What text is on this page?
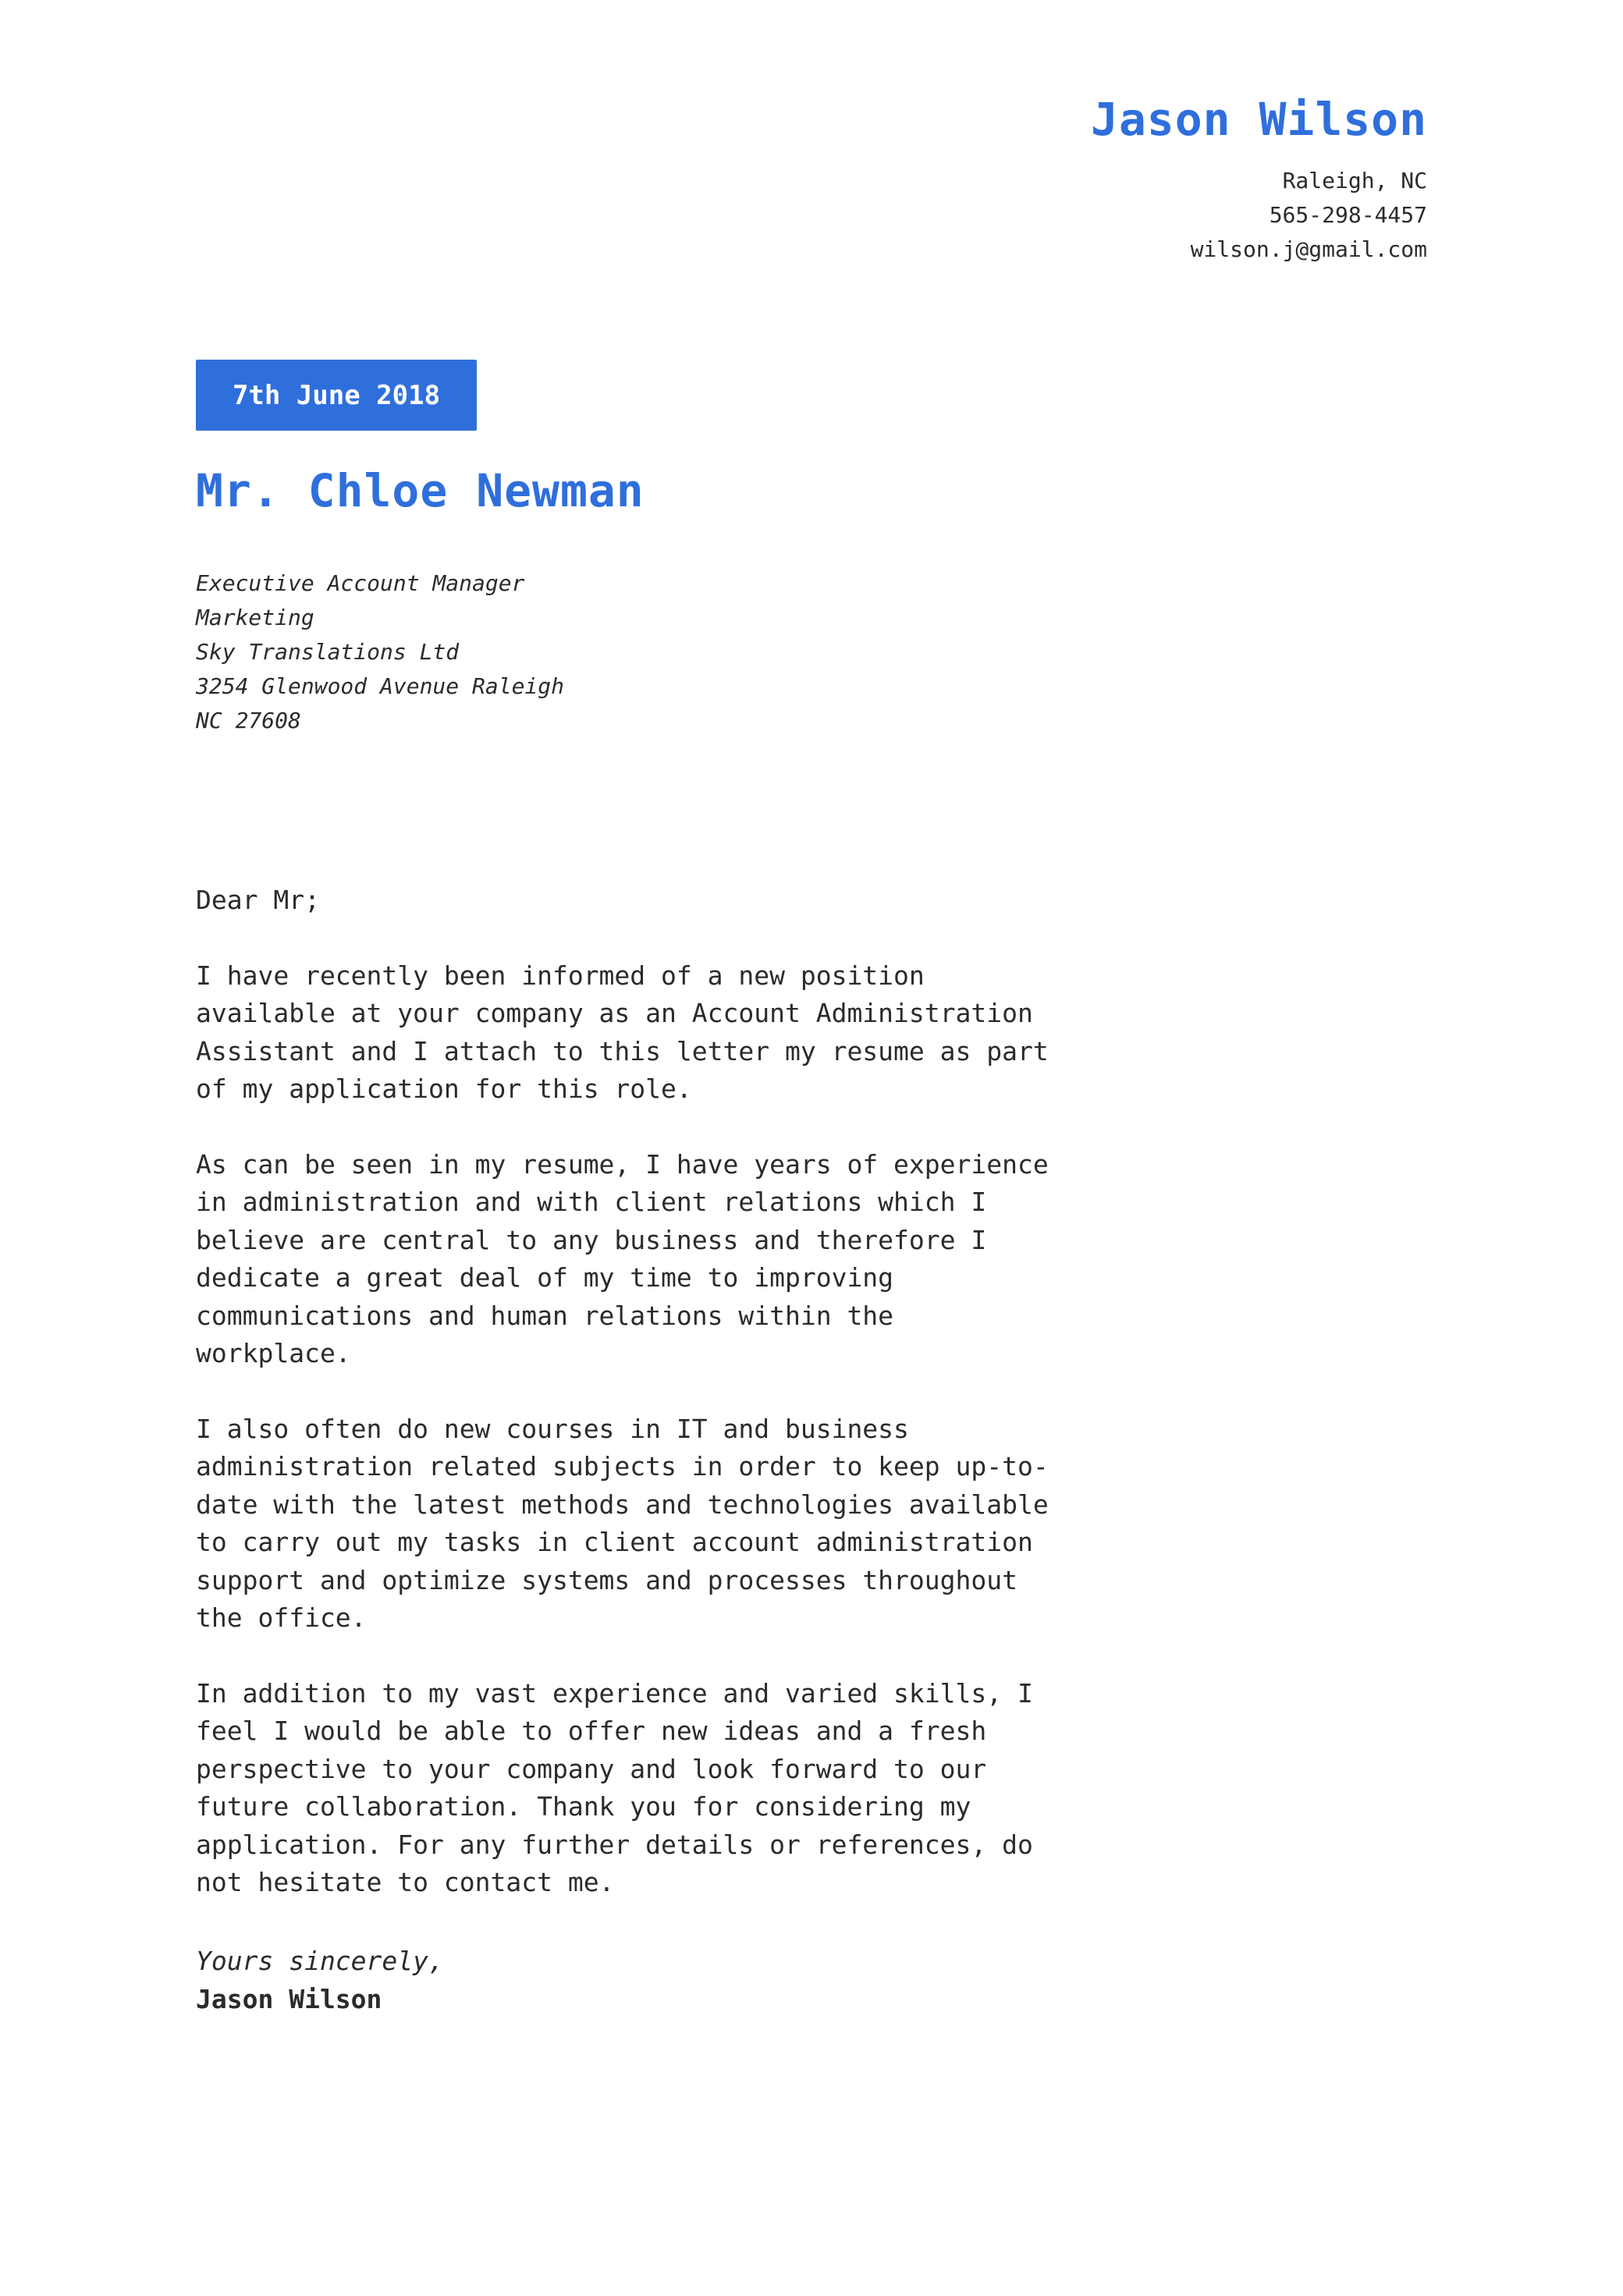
Jason Wilson
Raleigh, NC
565-298-4457
wilson.j@gmail.com
7th June 2018
Mr. Chloe Newman
Executive Account Manager
Marketing
Sky Translations Ltd
3254 Glenwood Avenue Raleigh
NC 27608
Dear Mr;
I have recently been informed of a new position
available at your company as an Account Administration
Assistant and I attach to this letter my resume as part
of my application for this role.
As can be seen in my resume, I have years of experience
in administration and with client relations which I
believe are central to any business and therefore I
dedicate a great deal of my time to improving
communications and human relations within the workplace.
I also often do new courses in IT and business
administration related subjects in order to keep up-to-
date with the latest methods and technologies available
to carry out my tasks in client account administration
support and optimize systems and processes throughout
the office.
In addition to my vast experience and varied skills, I
feel I would be able to offer new ideas and a fresh
perspective to your company and look forward to our
future collaboration. Thank you for considering my
application. For any further details or references, do
not hesitate to contact me.
Yours sincerely,
Jason Wilson
